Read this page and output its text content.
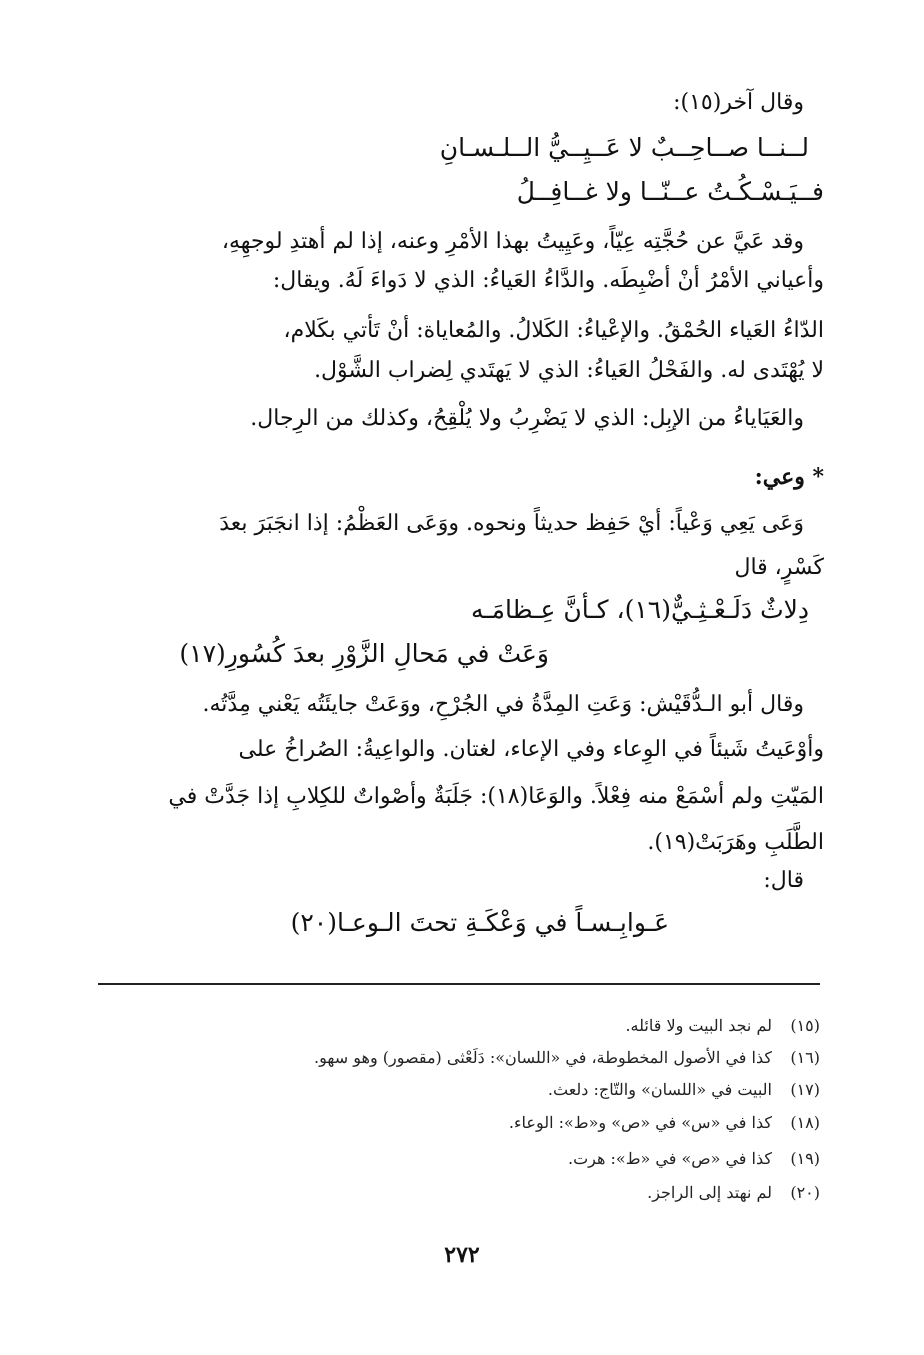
وقال آخر(١٥):
لــنــا صــاحِــبٌ لا عَــيِــيُّ الــلـسـانِ
فــيَـسْـكُـتُ عــنّــا ولا غــافِــلُ
وقد عَيَّ عن حُجَّتِه عِيّاً، وعَيِيتُ بهذا الأمْرِ وعنه، إذا لم أهتدِ لوجهِهِ،
وأعياني الأمْرُ أنْ أضْبِطَه. والدَّاءُ العَياءُ: الذي لا دَواءَ لَهُ. ويقال:
الدّاءُ العَياء الحُمْقُ. والإعْياءُ: الكَلالُ. والمُعاياة: أنْ تَأتي بكَلام،
لا يُهْتَدى له. والفَحْلُ العَياءُ: الذي لا يَهتَدي لِضراب الشَّوْل.
والعَيَاياءُ من الإبِل: الذي لا يَضْرِبُ ولا يُلْقِحُ، وكذلك من الرِجال.
* وعي:
وَعَى يَعِي وَعْياً: أيْ حَفِظ حديثاً ونحوه. ووَعَى العَظْمُ: إذا انجَبَرَ بعدَ
كَسْرٍ، قال
دِلاثٌ دَلَـعْـثِـيٌّ(١٦)، كـأنَّ عِـظامَـه
وَعَتْ في مَحالِ الزَّوْرِ بعدَ كُسُورِ(١٧)
وقال أبو الـدُّقَيْش: وَعَتِ المِدَّةُ في الجُرْحِ، ووَعَتْ جايئَتُه يَعْني مِدَّتُه.
وأوْعَيتُ شَيئاً في الوِعاء وفي الإعاء، لغتان. والواعِيةُ: الصُراخُ على
المَيّتِ ولم أسْمَعْ منه فِعْلاً. والوَعَا(١٨): جَلَبَةٌ وأصْواتٌ للكِلابِ إذا جَدَّتْ في
الطَّلَبِ وهَرَبَتْ(١٩).
قال:
عَـوابِـسـاً في وَعْكَـةِ تحتَ الـوعـا(٢٠)
(١٥)لم نجد البيت ولا قائله.
(١٦)كذا في الأصول المخطوطة، في «اللسان»: دَلَعْثى (مقصور) وهو سهو.
(١٧)البيت في «اللسان» والتّاج: دلعث.
(١٨)كذا في «س» في «ص» و«ط»: الوعاء.
(١٩)كذا في «ص» في «ط»: هرت.
(٢٠)لم نهتد إلى الراجز.
٢٧٢
